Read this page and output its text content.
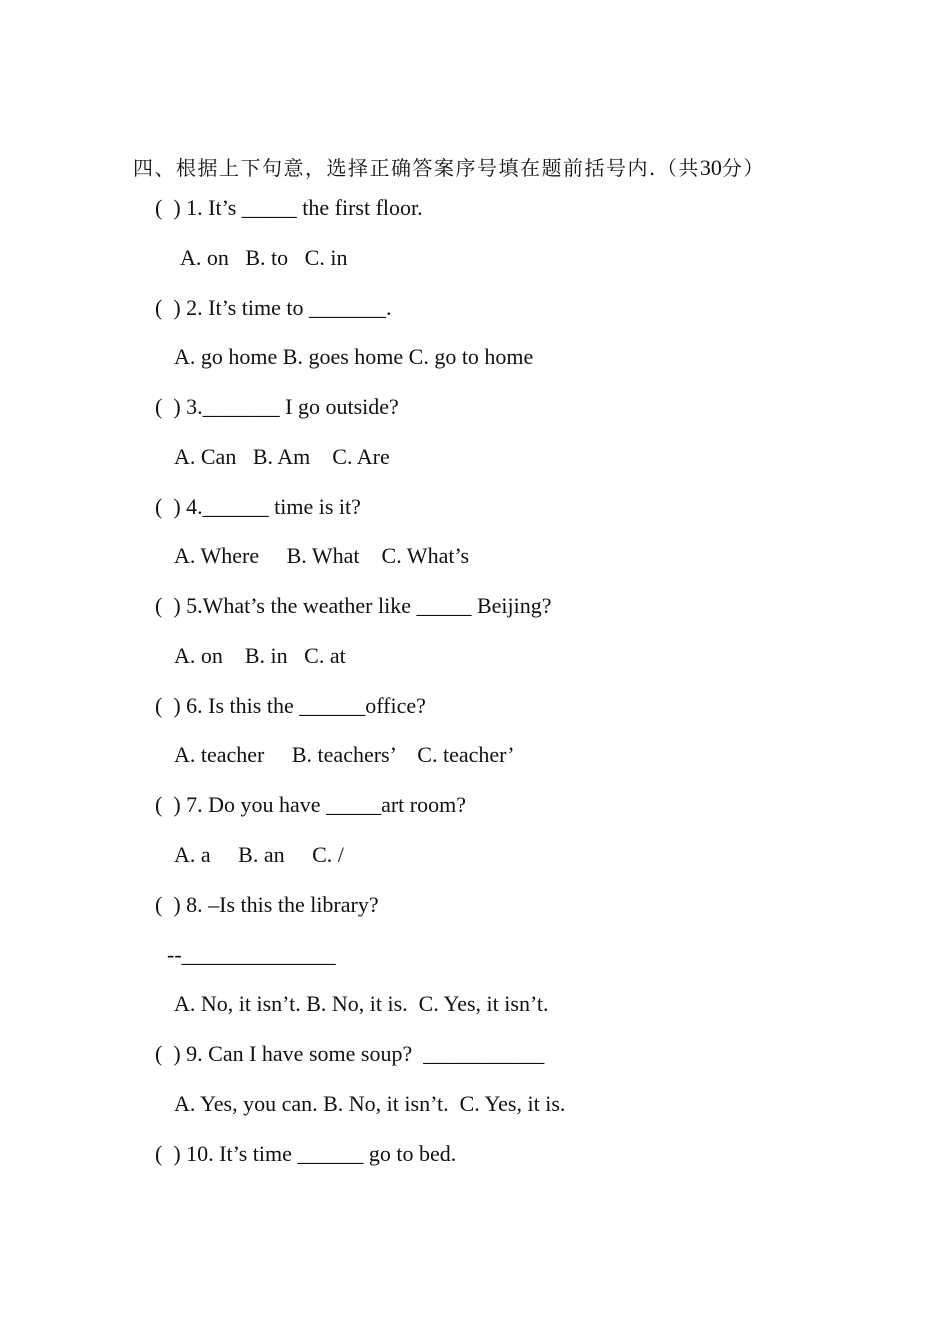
四、根据上下句意，选择正确答案序号填在题前括号内.（共30分）
(  ) 1. It’s _____ the first floor.
A. on   B. to   C. in
(  ) 2. It’s time to _______.
A. go home B. goes home C. go to home
(  ) 3._______ I go outside?
A. Can   B. Am    C. Are
(  ) 4.______ time is it?
A. Where     B. What    C. What’s
(  ) 5.What’s the weather like _____ Beijing?
A. on    B. in   C. at
(  ) 6. Is this the ______office?
A. teacher     B. teachers’    C. teacher’
(  ) 7. Do you have _____art room?
A. a     B. an     C. /
(  ) 8. –Is this the library?
--______________
A. No, it isn’t. B. No, it is.  C. Yes, it isn’t.
(  ) 9. Can I have some soup?  ___________
A. Yes, you can. B. No, it isn’t.  C. Yes, it is.
(  ) 10. It’s time ______ go to bed.
